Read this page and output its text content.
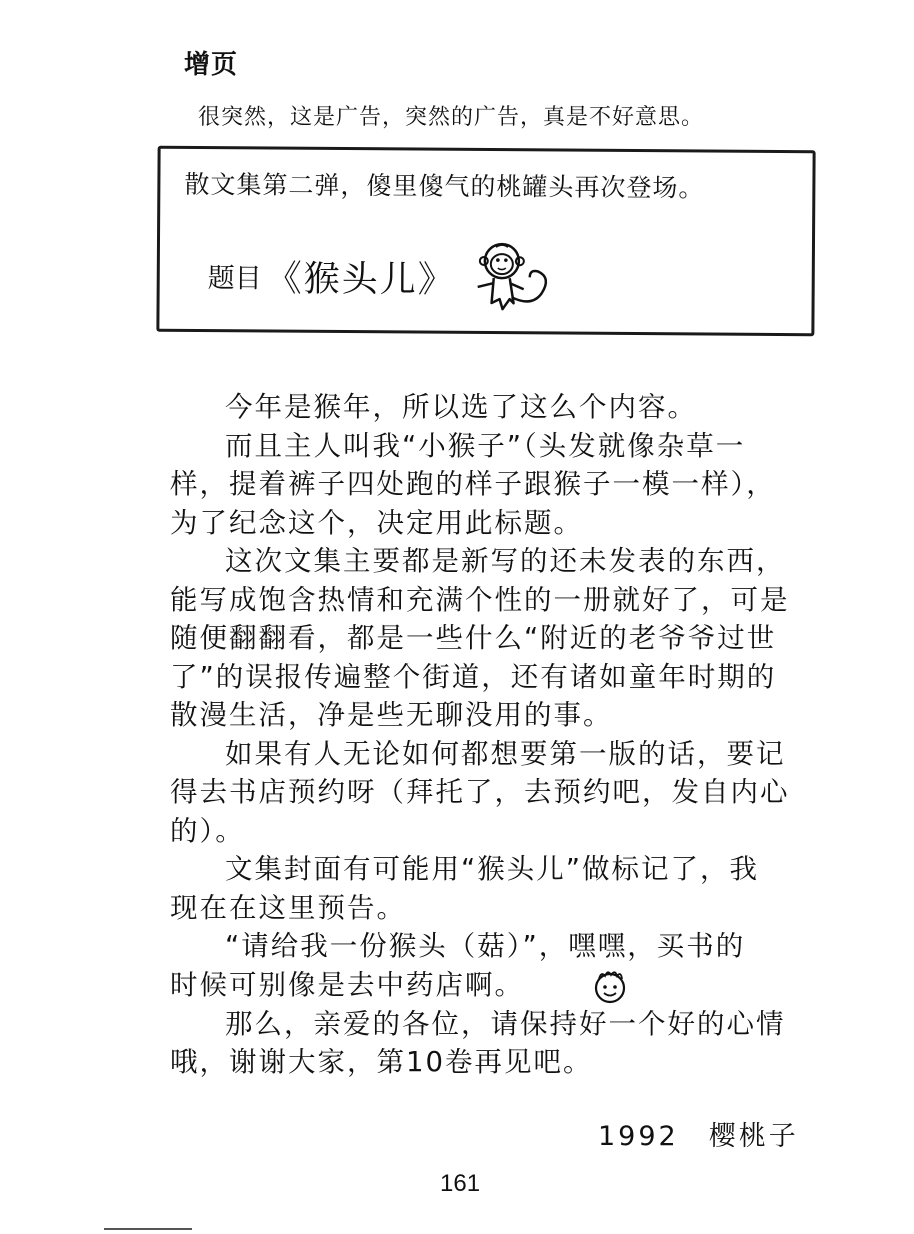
增页
很突然，这是广告，突然的广告，真是不好意思。
散文集第二弹，傻里傻气的桃罐头再次登场。
题目 《猴头儿》

今年是猴年，所以选了这么个内容。

而且主人叫我“小猴子”（头发就像杂草一
样，提着裤子四处跑的样子跟猴子一模一样），
为了纪念这个，决定用此标题。

这次文集主要都是新写的还未发表的东西，
能写成饱含热情和充满个性的一册就好了，可是
随便翻翻看，都是一些什么“附近的老爷爷过世
了”的误报传遍整个街道，还有诸如童年时期的
散漫生活，净是些无聊没用的事。

如果有人无论如何都想要第一版的话，要记
得去书店预约呀（拜托了，去预约吧，发自内心
的）。

文集封面有可能用“猴头儿”做标记了，我
现在在这里预告。

“请给我一份猴头（菇）”，嘿嘿，买书的
时候可别像是去中药店啊。

那么，亲爱的各位，请保持好一个好的心情
哦，谢谢大家，第10卷再见吧。

1992　樱桃子
161
